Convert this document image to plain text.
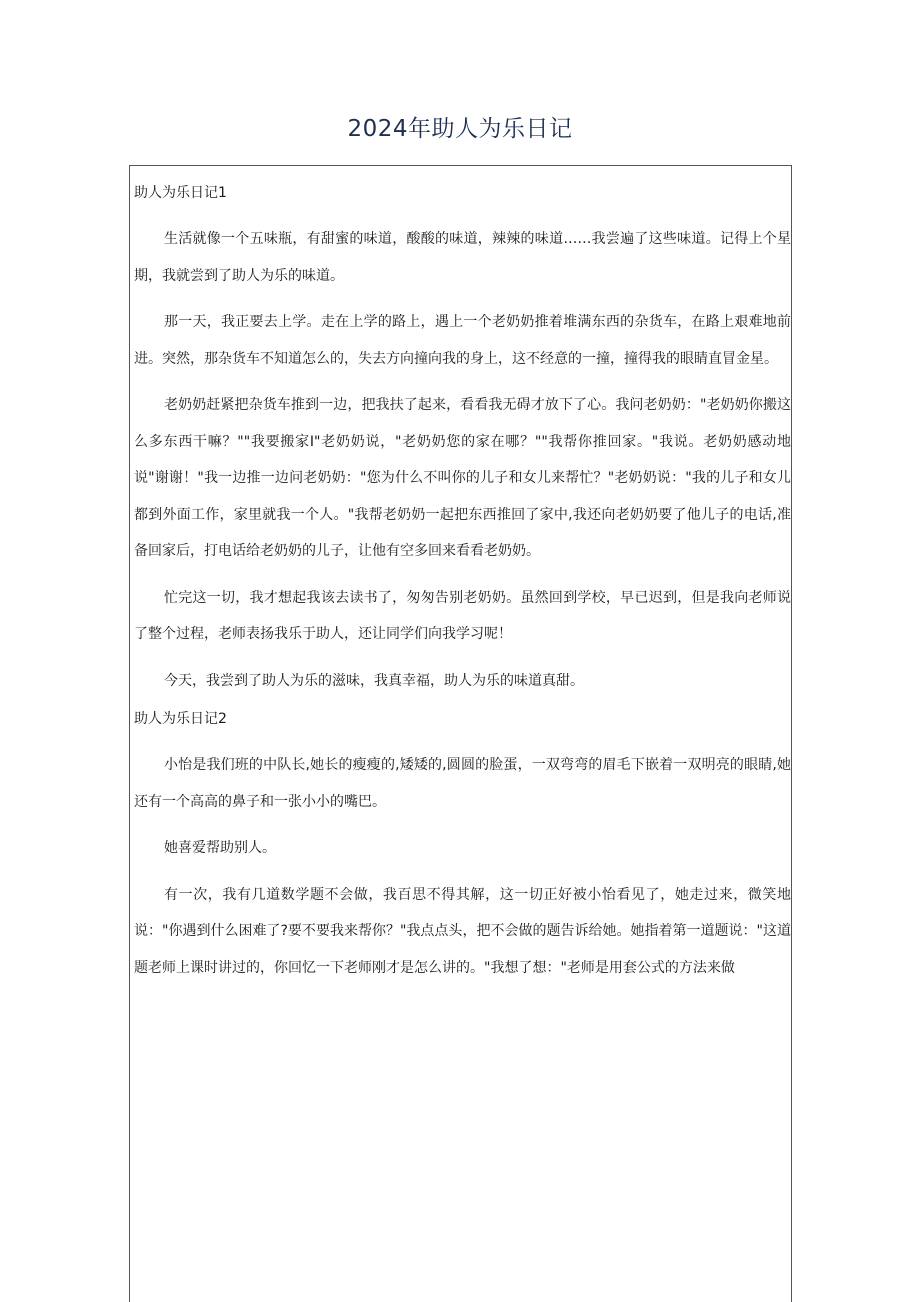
2024年助人为乐日记
助人为乐日记1

生活就像一个五味瓶，有甜蜜的味道，酸酸的味道，辣辣的味道……我尝遍了这些味道。记得上个星期，我就尝到了助人为乐的味道。

那一天，我正要去上学。走在上学的路上，遇上一个老奶奶推着堆满东西的杂货车，在路上艰难地前进。突然，那杂货车不知道怎么的，失去方向撞向我的身上，这不经意的一撞，撞得我的眼睛直冒金星。

老奶奶赶紧把杂货车推到一边，把我扶了起来，看看我无碍才放下了心。我问老奶奶："老奶奶你搬这么多东西干嘛？""我要搬家I"老奶奶说，"老奶奶您的家在哪？""我帮你推回家。"我说。老奶奶感动地说"谢谢！"我一边推一边问老奶奶："您为什么不叫你的儿子和女儿来帮忙？"老奶奶说："我的儿子和女儿都到外面工作，家里就我一个人。"我帮老奶奶一起把东西推回了家中,我还向老奶奶要了他儿子的电话,准备回家后，打电话给老奶奶的儿子，让他有空多回来看看老奶奶。

忙完这一切，我才想起我该去读书了，匆匆告别老奶奶。虽然回到学校，早已迟到，但是我向老师说了整个过程，老师表扬我乐于助人，还让同学们向我学习呢！

今天，我尝到了助人为乐的滋味，我真幸福，助人为乐的味道真甜。

助人为乐日记2

小怡是我们班的中队长,她长的瘦瘦的,矮矮的,圆圆的脸蛋，一双弯弯的眉毛下嵌着一双明亮的眼睛,她还有一个高高的鼻子和一张小小的嘴巴。

她喜爱帮助别人。

有一次，我有几道数学题不会做，我百思不得其解，这一切正好被小怡看见了，她走过来，微笑地说："你遇到什么困难了?要不要我来帮你？"我点点头，把不会做的题告诉给她。她指着第一道题说："这道题老师上课时讲过的，你回忆一下老师刚才是怎么讲的。"我想了想："老师是用套公式的方法来做
